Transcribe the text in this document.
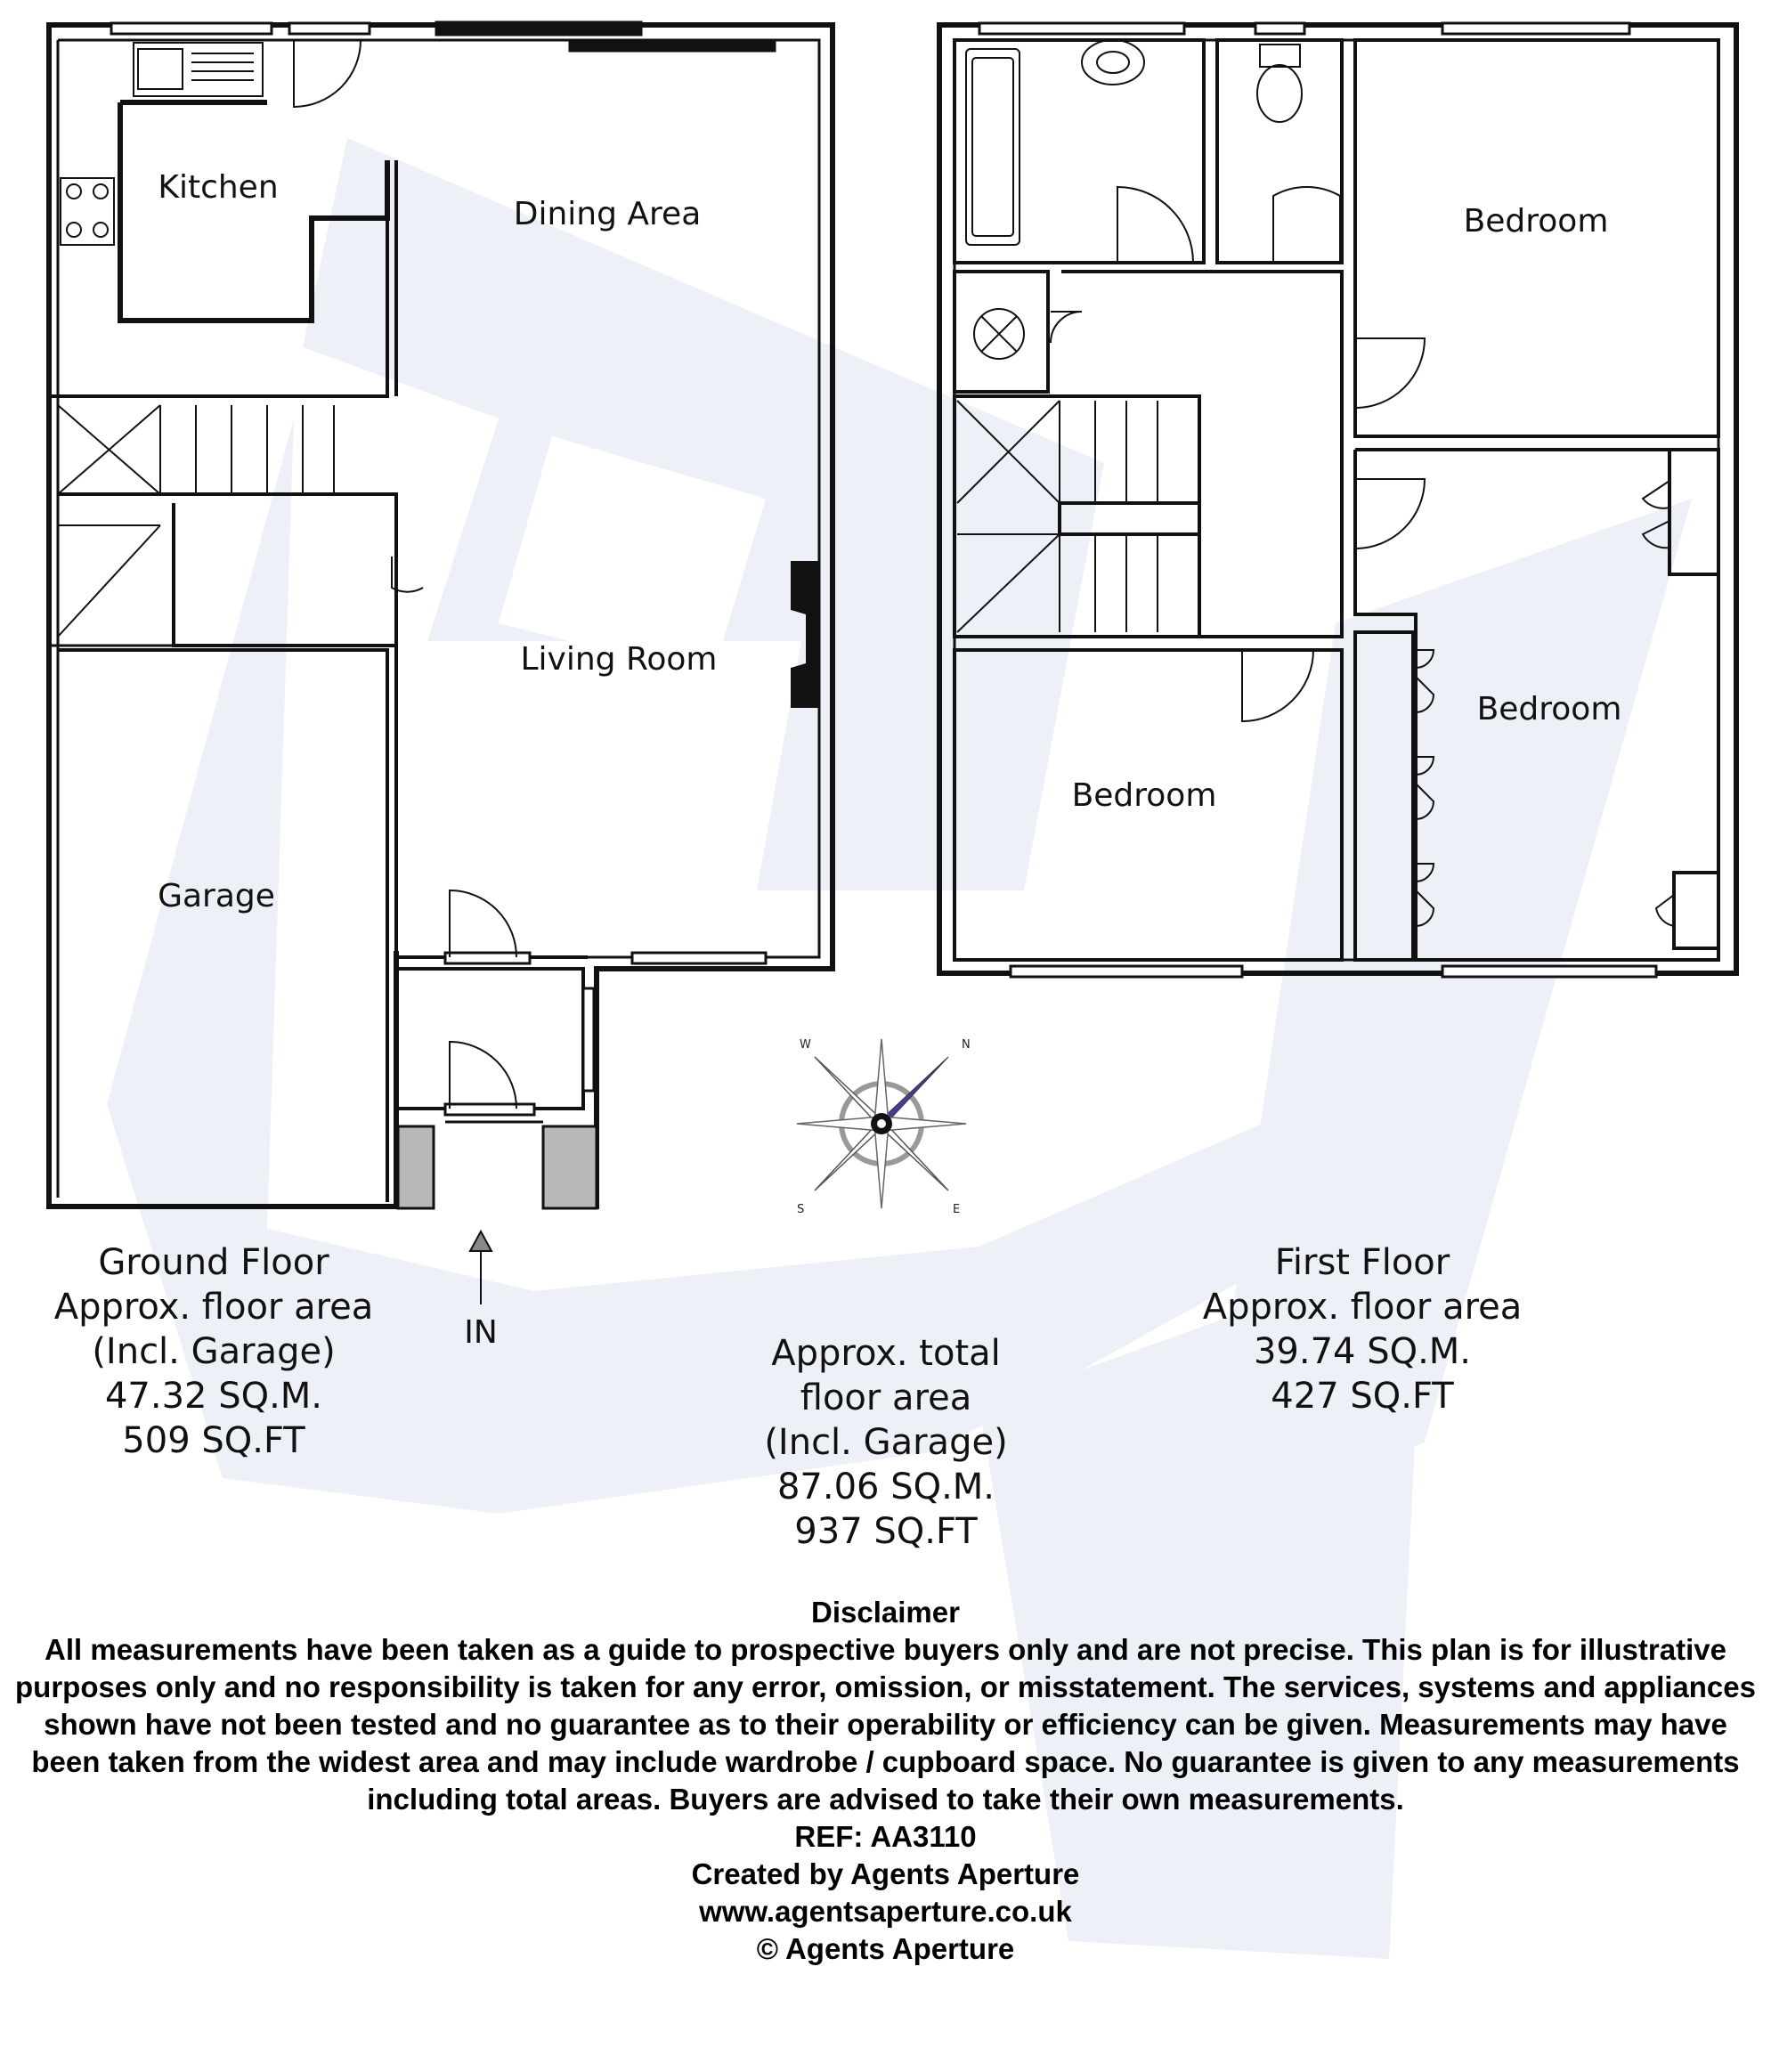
N
E
S
W
Kitchen
Dining Area
Living Room
Garage
IN
Bedroom
Bedroom
Bedroom
Ground Floor
Approx. floor area
(Incl. Garage)
47.32 SQ.M.
509 SQ.FT
Approx. total
floor area
(Incl. Garage)
87.06 SQ.M.
937 SQ.FT
First Floor
Approx. floor area
39.74 SQ.M.
427 SQ.FT
Disclaimer
All measurements have been taken as a guide to prospective buyers only and are not precise. This plan is for illustrative purposes only and no responsibility is taken for any error, omission, or misstatement. The services, systems and appliances shown have not been tested and no guarantee as to their operability or efficiency can be given. Measurements may have been taken from the widest area and may include wardrobe / cupboard space. No guarantee is given to any measurements including total areas. Buyers are advised to take their own measurements.
REF: AA3110
Created by Agents Aperture
www.agentsaperture.co.uk
© Agents Aperture
